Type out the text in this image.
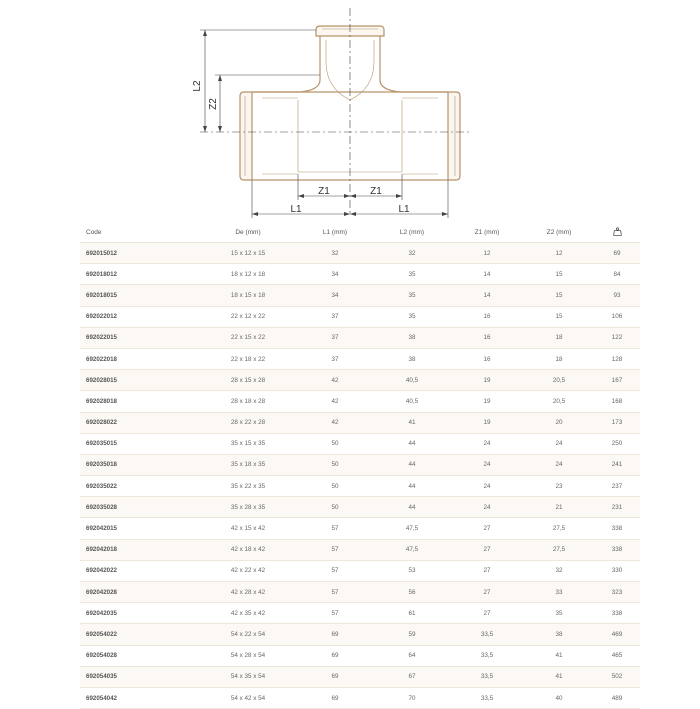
L2
Z2
Z1	Z1
L1	L1
Code	De (mm)	L1 (mm)	L2 (mm)	Z1 (mm)	Z2 (mm)	
692015012	15 x 12 x 15	32	32	12	12	69
692018012	18 x 12 x 18	34	35	14	15	84
692018015	18 x 15 x 18	34	35	14	15	93
692022012	22 x 12 x 22	37	35	16	15	106
692022015	22 x 15 x 22	37	38	16	18	122
692022018	22 x 18 x 22	37	38	16	18	128
692028015	28 x 15 x 28	42	40,5	19	20,5	167
692028018	28 x 18 x 28	42	40,5	19	20,5	168
692028022	28 x 22 x 28	42	41	19	20	173
692035015	35 x 15 x 35	50	44	24	24	250
692035018	35 x 18 x 35	50	44	24	24	241
692035022	35 x 22 x 35	50	44	24	23	237
692035028	35 x 28 x 35	50	44	24	21	231
692042015	42 x 15 x 42	57	47,5	27	27,5	338
692042018	42 x 18 x 42	57	47,5	27	27,5	338
692042022	42 x 22 x 42	57	53	27	32	330
692042028	42 x 28 x 42	57	56	27	33	323
692042035	42 x 35 x 42	57	61	27	35	338
692054022	54 x 22 x 54	69	59	33,5	38	469
692054028	54 x 28 x 54	69	64	33,5	41	465
692054035	54 x 35 x 54	69	67	33,5	41	502
692054042	54 x 42 x 54	69	70	33,5	40	489
